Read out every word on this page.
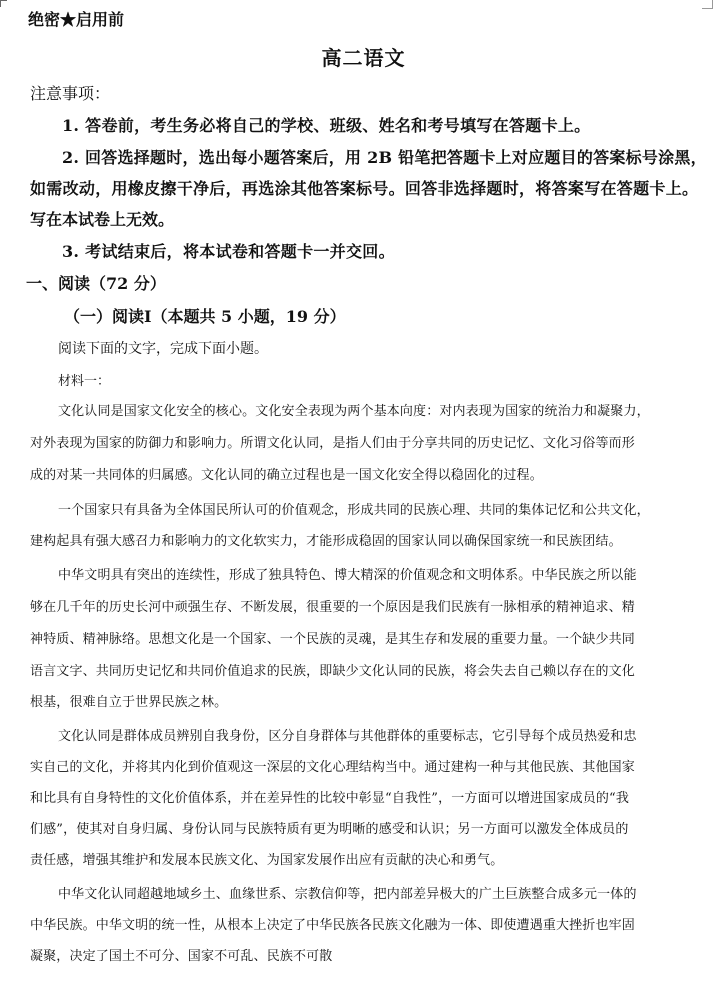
绝密★启用前
高二语文
注意事项：
1. 答卷前，考生务必将自己的学校、班级、姓名和考号填写在答题卡上。
2. 回答选择题时，选出每小题答案后，用 2B 铅笔把答题卡上对应题目的答案标号涂黑，
如需改动，用橡皮擦干净后，再选涂其他答案标号。回答非选择题时，将答案写在答题卡上。
写在本试卷上无效。
3. 考试结束后，将本试卷和答题卡一并交回。
一、阅读（72 分）
（一）阅读Ⅰ（本题共 5 小题，19 分）
阅读下面的文字，完成下面小题。
材料一：
文化认同是国家文化安全的核心。文化安全表现为两个基本向度：对内表现为国家的统治力和凝聚力，
对外表现为国家的防御力和影响力。所谓文化认同，是指人们由于分享共同的历史记忆、文化习俗等而形
成的对某一共同体的归属感。文化认同的确立过程也是一国文化安全得以稳固化的过程。
一个国家只有具备为全体国民所认可的价值观念，形成共同的民族心理、共同的集体记忆和公共文化，
建构起具有强大感召力和影响力的文化软实力，才能形成稳固的国家认同以确保国家统一和民族团结。
中华文明具有突出的连续性，形成了独具特色、博大精深的价值观念和文明体系。中华民族之所以能
够在几千年的历史长河中顽强生存、不断发展，很重要的一个原因是我们民族有一脉相承的精神追求、精
神特质、精神脉络。思想文化是一个国家、一个民族的灵魂，是其生存和发展的重要力量。一个缺少共同
语言文字、共同历史记忆和共同价值追求的民族，即缺少文化认同的民族，将会失去自己赖以存在的文化
根基，很难自立于世界民族之林。
文化认同是群体成员辨别自我身份，区分自身群体与其他群体的重要标志，它引导每个成员热爱和忠
实自己的文化，并将其内化到价值观这一深层的文化心理结构当中。通过建构一种与其他民族、其他国家
和比具有自身特性的文化价值体系，并在差异性的比较中彰显“自我性”，一方面可以增进国家成员的“我
们感”，使其对自身归属、身份认同与民族特质有更为明晰的感受和认识；另一方面可以激发全体成员的
责任感，增强其维护和发展本民族文化、为国家发展作出应有贡献的决心和勇气。
中华文化认同超越地域乡土、血缘世系、宗教信仰等，把内部差异极大的广土巨族整合成多元一体的
中华民族。中华文明的统一性，从根本上决定了中华民族各民族文化融为一体、即使遭遇重大挫折也牢固
凝聚，决定了国土不可分、国家不可乱、民族不可散
